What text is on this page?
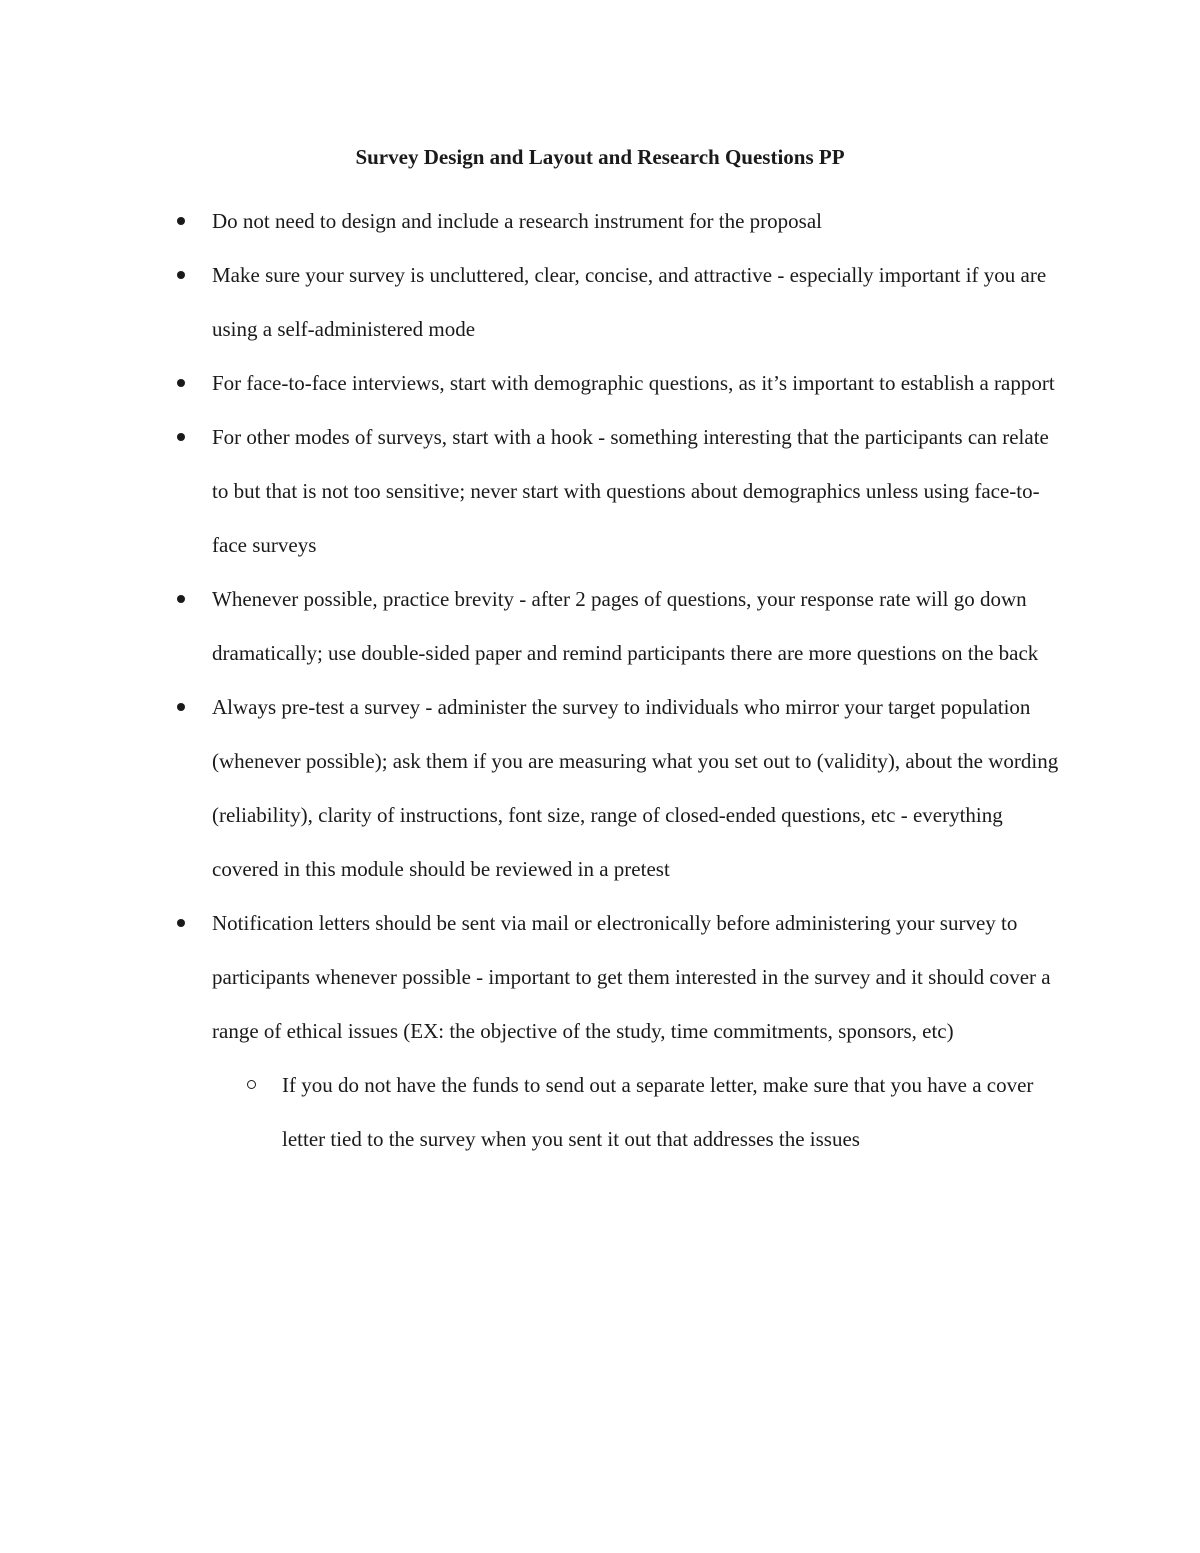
Survey Design and Layout and Research Questions PP
Do not need to design and include a research instrument for the proposal
Make sure your survey is uncluttered, clear, concise, and attractive - especially important if you are using a self-administered mode
For face-to-face interviews, start with demographic questions, as it’s important to establish a rapport
For other modes of surveys, start with a hook - something interesting that the participants can relate to but that is not too sensitive; never start with questions about demographics unless using face-to-face surveys
Whenever possible, practice brevity - after 2 pages of questions, your response rate will go down dramatically; use double-sided paper and remind participants there are more questions on the back
Always pre-test a survey - administer the survey to individuals who mirror your target population (whenever possible); ask them if you are measuring what you set out to (validity), about the wording (reliability), clarity of instructions, font size, range of closed-ended questions, etc - everything covered in this module should be reviewed in a pretest
Notification letters should be sent via mail or electronically before administering your survey to participants whenever possible - important to get them interested in the survey and it should cover a range of ethical issues (EX: the objective of the study, time commitments, sponsors, etc)
If you do not have the funds to send out a separate letter, make sure that you have a cover letter tied to the survey when you sent it out that addresses the issues
